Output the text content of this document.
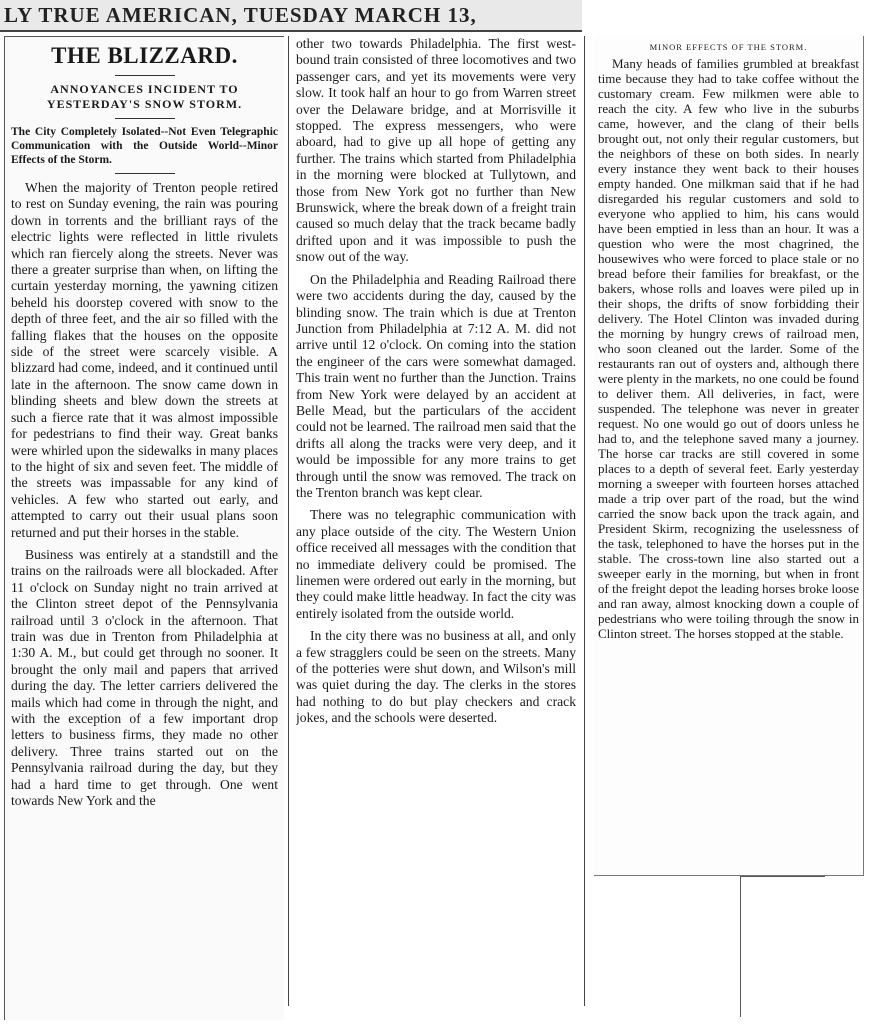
LY TRUE AMERICAN, TUESDAY MARCH 13,
THE BLIZZARD.
ANNOYANCES INCIDENT TO YESTERDAY'S SNOW STORM.
The City Completely Isolated--Not Even Telegraphic Communication with the Outside World--Minor Effects of the Storm.

When the majority of Trenton people retired to rest on Sunday evening, the rain was pouring down in torrents and the brilliant rays of the electric lights were reflected in little rivulets which ran fiercely along the streets. Never was there a greater surprise than when, on lifting the curtain yesterday morning, the yawning citizen beheld his doorstep covered with snow to the depth of three feet, and the air so filled with the falling flakes that the houses on the opposite side of the street were scarcely visible. A blizzard had come, indeed, and it continued until late in the afternoon. The snow came down in blinding sheets and blew down the streets at such a fierce rate that it was almost impossible for pedestrians to find their way. Great banks were whirled upon the sidewalks in many places to the hight of six and seven feet. The middle of the streets was impassable for any kind of vehicles. A few who started out early, and attempted to carry out their usual plans soon returned and put their horses in the stable.

Business was entirely at a standstill and the trains on the railroads were all blockaded. After 11 o'clock on Sunday night no train arrived at the Clinton street depot of the Pennsylvania railroad until 3 o'clock in the afternoon. That train was due in Trenton from Philadelphia at 1:30 A. M., but could get through no sooner. It brought the only mail and papers that arrived during the day. The letter carriers delivered the mails which had come in through the night, and with the exception of a few important drop letters to business firms, they made no other delivery. Three trains started out on the Pennsylvania railroad during the day, but they had a hard time to get through. One went towards New York and the

other two towards Philadelphia. The first west-bound train consisted of three locomotives and two passenger cars, and yet its movements were very slow. It took half an hour to go from Warren street over the Delaware bridge, and at Morrisville it stopped. The express messengers, who were aboard, had to give up all hope of getting any further. The trains which started from Philadelphia in the morning were blocked at Tullytown, and those from New York got no further than New Brunswick, where the break down of a freight train caused so much delay that the track became badly drifted upon and it was impossible to push the snow out of the way.

On the Philadelphia and Reading Railroad there were two accidents during the day, caused by the blinding snow. The train which is due at Trenton Junction from Philadelphia at 7:12 A. M. did not arrive until 12 o'clock. On coming into the station the engineer of the cars were somewhat damaged. This train went no further than the Junction. Trains from New York were delayed by an accident at Belle Mead, but the particulars of the accident could not be learned. The railroad men said that the drifts all along the tracks were very deep, and it would be impossible for any more trains to get through until the snow was removed. The track on the Trenton branch was kept clear.

There was no telegraphic communication with any place outside of the city. The Western Union office received all messages with the condition that no immediate delivery could be promised. The linemen were ordered out early in the morning, but they could make little headway. In fact the city was entirely isolated from the outside world.

In the city there was no business at all, and only a few stragglers could be seen on the streets. Many of the potteries were shut down, and Wilson's mill was quiet during the day. The clerks in the stores had nothing to do but play checkers and crack jokes, and the schools were deserted.

MINOR EFFECTS OF THE STORM.

Many heads of families grumbled at breakfast time because they had to take coffee without the customary cream. Few milkmen were able to reach the city. A few who live in the suburbs came, however, and the clang of their bells brought out, not only their regular customers, but the neighbors of these on both sides. In nearly every instance they went back to their houses empty handed. One milkman said that if he had disregarded his regular customers and sold to everyone who applied to him, his cans would have been emptied in less than an hour. It was a question who were the most chagrined, the housewives who were forced to place stale or no bread before their families for breakfast, or the bakers, whose rolls and loaves were piled up in their shops, the drifts of snow forbidding their delivery. The Hotel Clinton was invaded during the morning by hungry crews of railroad men, who soon cleaned out the larder. Some of the restaurants ran out of oysters and, although there were plenty in the markets, no one could be found to deliver them. All deliveries, in fact, were suspended. The telephone was never in greater request. No one would go out of doors unless he had to, and the telephone saved many a journey. The horse car tracks are still covered in some places to a depth of several feet. Early yesterday morning a sweeper with fourteen horses attached made a trip over part of the road, but the wind carried the snow back upon the track again, and President Skirm, recognizing the uselessness of the task, telephoned to have the horses put in the stable. The cross-town line also started out a sweeper early in the morning, but when in front of the freight depot the leading horses broke loose and ran away, almost knocking down a couple of pedestrians who were toiling through the snow in Clinton street. The horses stopped at the stable.
